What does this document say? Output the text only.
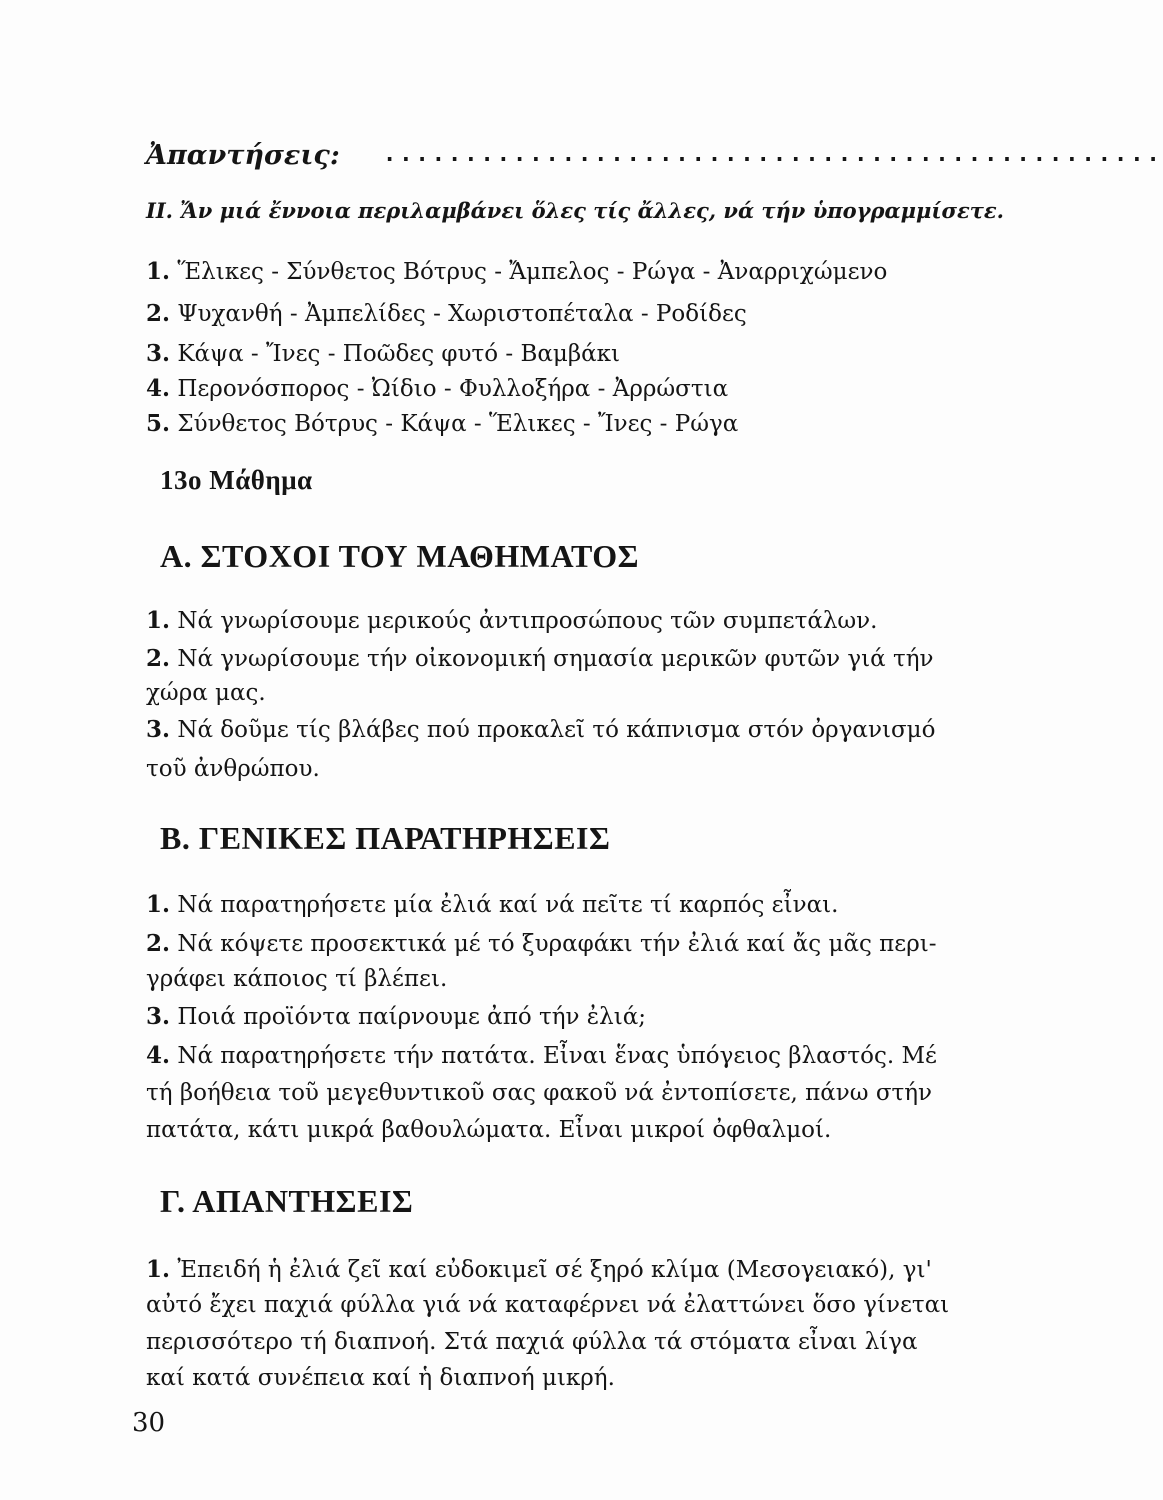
Ἀπαντήσεις: ................................................
ΙΙ. Ἄν μιά ἔννοια περιλαμβάνει ὅλες τίς ἄλλες, νά τήν ὑπογραμμίσετε.
1. Ἕλικες - Σύνθετος Βότρυς - Ἄμπελος - Ρώγα - Ἀναρριχώμενο
2. Ψυχανθή - Ἀμπελίδες - Χωριστοπέταλα - Ροδίδες
3. Κάψα - Ἴνες - Ποῶδες φυτό - Βαμβάκι
4. Περονόσπορος - Ὠίδιο - Φυλλοξήρα - Ἀρρώστια
5. Σύνθετος Βότρυς - Κάψα - Ἕλικες - Ἴνες - Ρώγα
13ο Μάθημα
Α. ΣΤΟΧΟΙ ΤΟΥ ΜΑΘΗΜΑΤΟΣ
1. Νά γνωρίσουμε μερικούς ἀντιπροσώπους τῶν συμπετάλων.
2. Νά γνωρίσουμε τήν οἰκονομική σημασία μερικῶν φυτῶν γιά τήν
χώρα μας.
3. Νά δοῦμε τίς βλάβες πού προκαλεῖ τό κάπνισμα στόν ὀργανισμό
τοῦ ἀνθρώπου.
Β. ΓΕΝΙΚΕΣ ΠΑΡΑΤΗΡΗΣΕΙΣ
1. Νά παρατηρήσετε μία ἐλιά καί νά πεῖτε τί καρπός εἶναι.
2. Νά κόψετε προσεκτικά μέ τό ξυραφάκι τήν ἐλιά καί ἄς μᾶς περι-
γράφει κάποιος τί βλέπει.
3. Ποιά προϊόντα παίρνουμε ἀπό τήν ἐλιά;
4. Νά παρατηρήσετε τήν πατάτα. Εἶναι ἕνας ὑπόγειος βλαστός. Μέ
τή βοήθεια τοῦ μεγεθυντικοῦ σας φακοῦ νά ἐντοπίσετε, πάνω στήν
πατάτα, κάτι μικρά βαθουλώματα. Εἶναι μικροί ὀφθαλμοί.
Γ. ΑΠΑΝΤΗΣΕΙΣ
1. Ἐπειδή ἡ ἐλιά ζεῖ καί εὐδοκιμεῖ σέ ξηρό κλίμα (Μεσογειακό), γι'
αὐτό ἔχει παχιά φύλλα γιά νά καταφέρνει νά ἐλαττώνει ὅσο γίνεται
περισσότερο τή διαπνοή. Στά παχιά φύλλα τά στόματα εἶναι λίγα
καί κατά συνέπεια καί ἡ διαπνοή μικρή.
30
